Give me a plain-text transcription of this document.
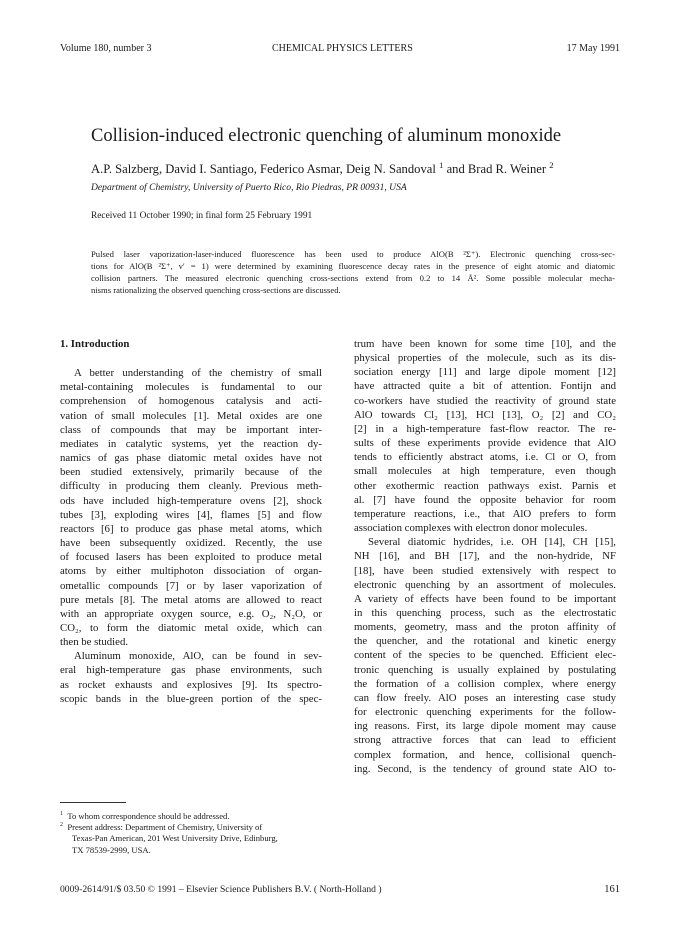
Volume 180, number 3	CHEMICAL PHYSICS LETTERS	17 May 1991
Collision-induced electronic quenching of aluminum monoxide
A.P. Salzberg, David I. Santiago, Federico Asmar, Deig N. Sandoval $^1$ and Brad R. Weiner $^2$
Department of Chemistry, University of Puerto Rico, Rio Piedras, PR 00931, USA
Received 11 October 1990; in final form 25 February 1991
Pulsed laser vaporization-laser-induced fluorescence has been used to produce AlO(B ²Σ⁺). Electronic quenching cross-sec-
tions for AlO(B ²Σ⁺, v′ = 1) were determined by examining fluorescence decay rates in the presence of eight atomic and diatomic
collision partners. The measured electronic quenching cross-sections extend from 0.2 to 14 Å². Some possible molecular mecha-
nisms rationalizing the observed quenching cross-sections are discussed.
1. Introduction
A better understanding of the chemistry of small
metal-containing molecules is fundamental to our
comprehension of homogenous catalysis and acti-
vation of small molecules [1]. Metal oxides are one
class of compounds that may be important inter-
mediates in catalytic systems, yet the reaction dy-
namics of gas phase diatomic metal oxides have not
been studied extensively, primarily because of the
difficulty in producing them cleanly. Previous meth-
ods have included high-temperature ovens [2], shock
tubes [3], exploding wires [4], flames [5] and flow
reactors [6] to produce gas phase metal atoms, which
have been subsequently oxidized. Recently, the use
of focused lasers has been exploited to produce metal
atoms by either multiphoton dissociation of organ-
ometallic compounds [7] or by laser vaporization of
pure metals [8]. The metal atoms are allowed to react
with an appropriate oxygen source, e.g. O₂, N₂O, or
CO₂, to form the diatomic metal oxide, which can
then be studied.
Aluminum monoxide, AlO, can be found in sev-
eral high-temperature gas phase environments, such
as rocket exhausts and explosives [9]. Its spectro-
scopic bands in the blue-green portion of the spec-
$^1$ To whom correspondence should be addressed.
$^2$ Present address: Department of Chemistry, University of
Texas-Pan American, 201 West University Drive, Edinburg,
TX 78539-2999, USA.
trum have been known for some time [10], and the
physical properties of the molecule, such as its dis-
sociation energy [11] and large dipole moment [12]
have attracted quite a bit of attention. Fontijn and
co-workers have studied the reactivity of ground state
AlO towards Cl₂ [13], HCl [13], O₂ [2] and CO₂
[2] in a high-temperature fast-flow reactor. The re-
sults of these experiments provide evidence that AlO
tends to efficiently abstract atoms, i.e. Cl or O, from
small molecules at high temperature, even though
other exothermic reaction pathways exist. Parnis et
al. [7] have found the opposite behavior for room
temperature reactions, i.e., that AlO prefers to form
association complexes with electron donor molecules.
Several diatomic hydrides, i.e. OH [14], CH [15],
NH [16], and BH [17], and the non-hydride, NF
[18], have been studied extensively with respect to
electronic quenching by an assortment of molecules.
A variety of effects have been found to be important
in this quenching process, such as the electrostatic
moments, geometry, mass and the proton affinity of
the quencher, and the rotational and kinetic energy
content of the species to be quenched. Efficient elec-
tronic quenching is usually explained by postulating
the formation of a collision complex, where energy
can flow freely. AlO poses an interesting case study
for electronic quenching experiments for the follow-
ing reasons. First, its large dipole moment may cause
strong attractive forces that can lead to efficient
complex formation, and hence, collisional quench-
ing. Second, is the tendency of ground state AlO to-
0009-2614/91/$ 03.50 © 1991 – Elsevier Science Publishers B.V. ( North-Holland )	161
